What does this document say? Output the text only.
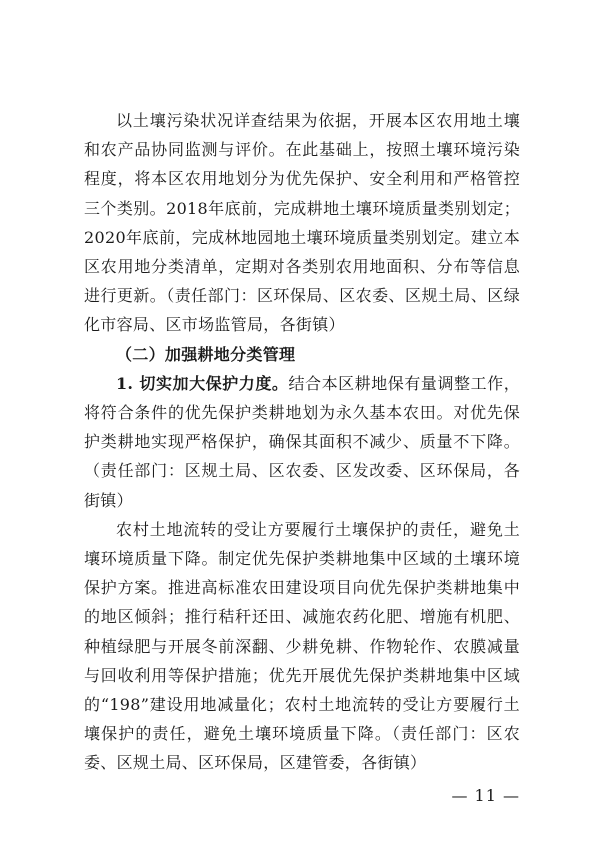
以土壤污染状况详查结果为依据，开展本区农用地土壤和农产品协同监测与评价。在此基础上，按照土壤环境污染程度，将本区农用地划分为优先保护、安全利用和严格管控三个类别。2018年底前，完成耕地土壤环境质量类别划定；2020年底前，完成林地园地土壤环境质量类别划定。建立本区农用地分类清单，定期对各类别农用地面积、分布等信息进行更新。（责任部门：区环保局、区农委、区规土局、区绿化市容局、区市场监管局，各街镇）

（二）加强耕地分类管理

1. 切实加大保护力度。结合本区耕地保有量调整工作，将符合条件的优先保护类耕地划为永久基本农田。对优先保护类耕地实现严格保护，确保其面积不减少、质量不下降。（责任部门：区规土局、区农委、区发改委、区环保局，各街镇）

农村土地流转的受让方要履行土壤保护的责任，避免土壤环境质量下降。制定优先保护类耕地集中区域的土壤环境保护方案。推进高标准农田建设项目向优先保护类耕地集中的地区倾斜；推行秸秆还田、减施农药化肥、增施有机肥、种植绿肥与开展冬前深翻、少耕免耕、作物轮作、农膜减量与回收利用等保护措施；优先开展优先保护类耕地集中区域的“198”建设用地减量化；农村土地流转的受让方要履行土壤保护的责任，避免土壤环境质量下降。（责任部门：区农委、区规土局、区环保局，区建管委，各街镇）

— 11 —
